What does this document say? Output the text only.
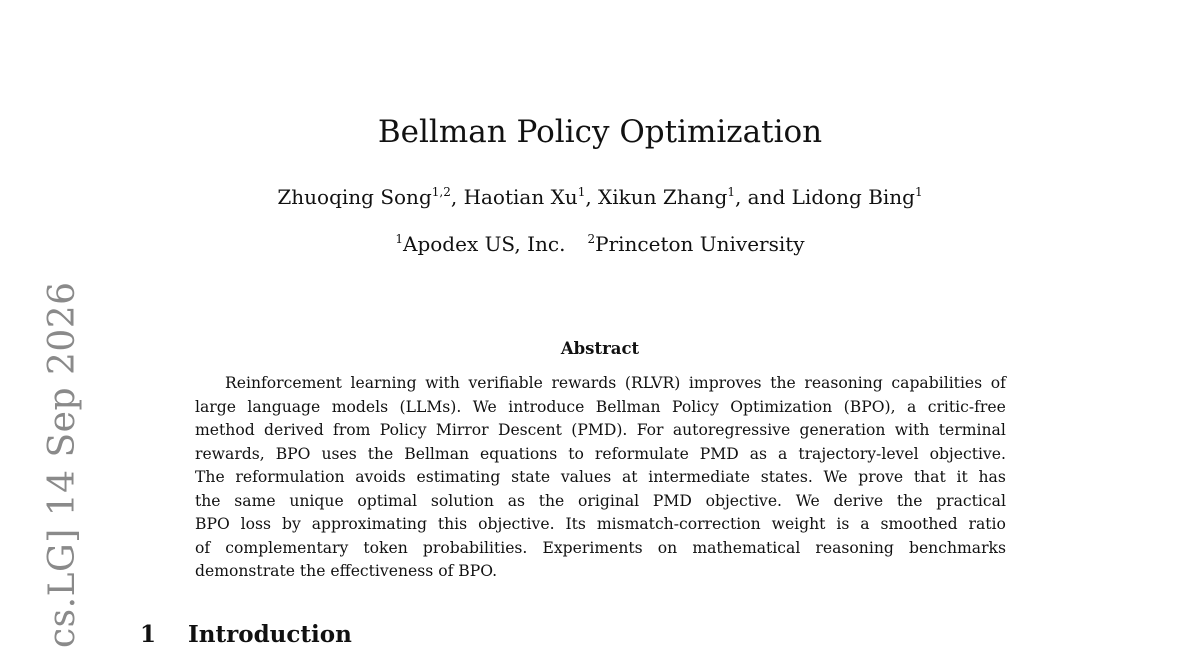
cs.LG] 14 Sep 2026
Bellman Policy Optimization
Zhuoqing Song$^{1,2}$, Haotian Xu$^1$, Xikun Zhang$^1$, and Lidong Bing$^1$
$^1$Apodex US, Inc. $^2$Princeton University
Abstract
Reinforcement learning with verifiable rewards (RLVR) improves the reasoning capabilities of
large language models (LLMs). We introduce Bellman Policy Optimization (BPO), a critic-free
method derived from Policy Mirror Descent (PMD). For autoregressive generation with terminal
rewards, BPO uses the Bellman equations to reformulate PMD as a trajectory-level objective.
The reformulation avoids estimating state values at intermediate states. We prove that it has
the same unique optimal solution as the original PMD objective. We derive the practical
BPO loss by approximating this objective. Its mismatch-correction weight is a smoothed ratio
of complementary token probabilities. Experiments on mathematical reasoning benchmarks
demonstrate the effectiveness of BPO.
1 Introduction
